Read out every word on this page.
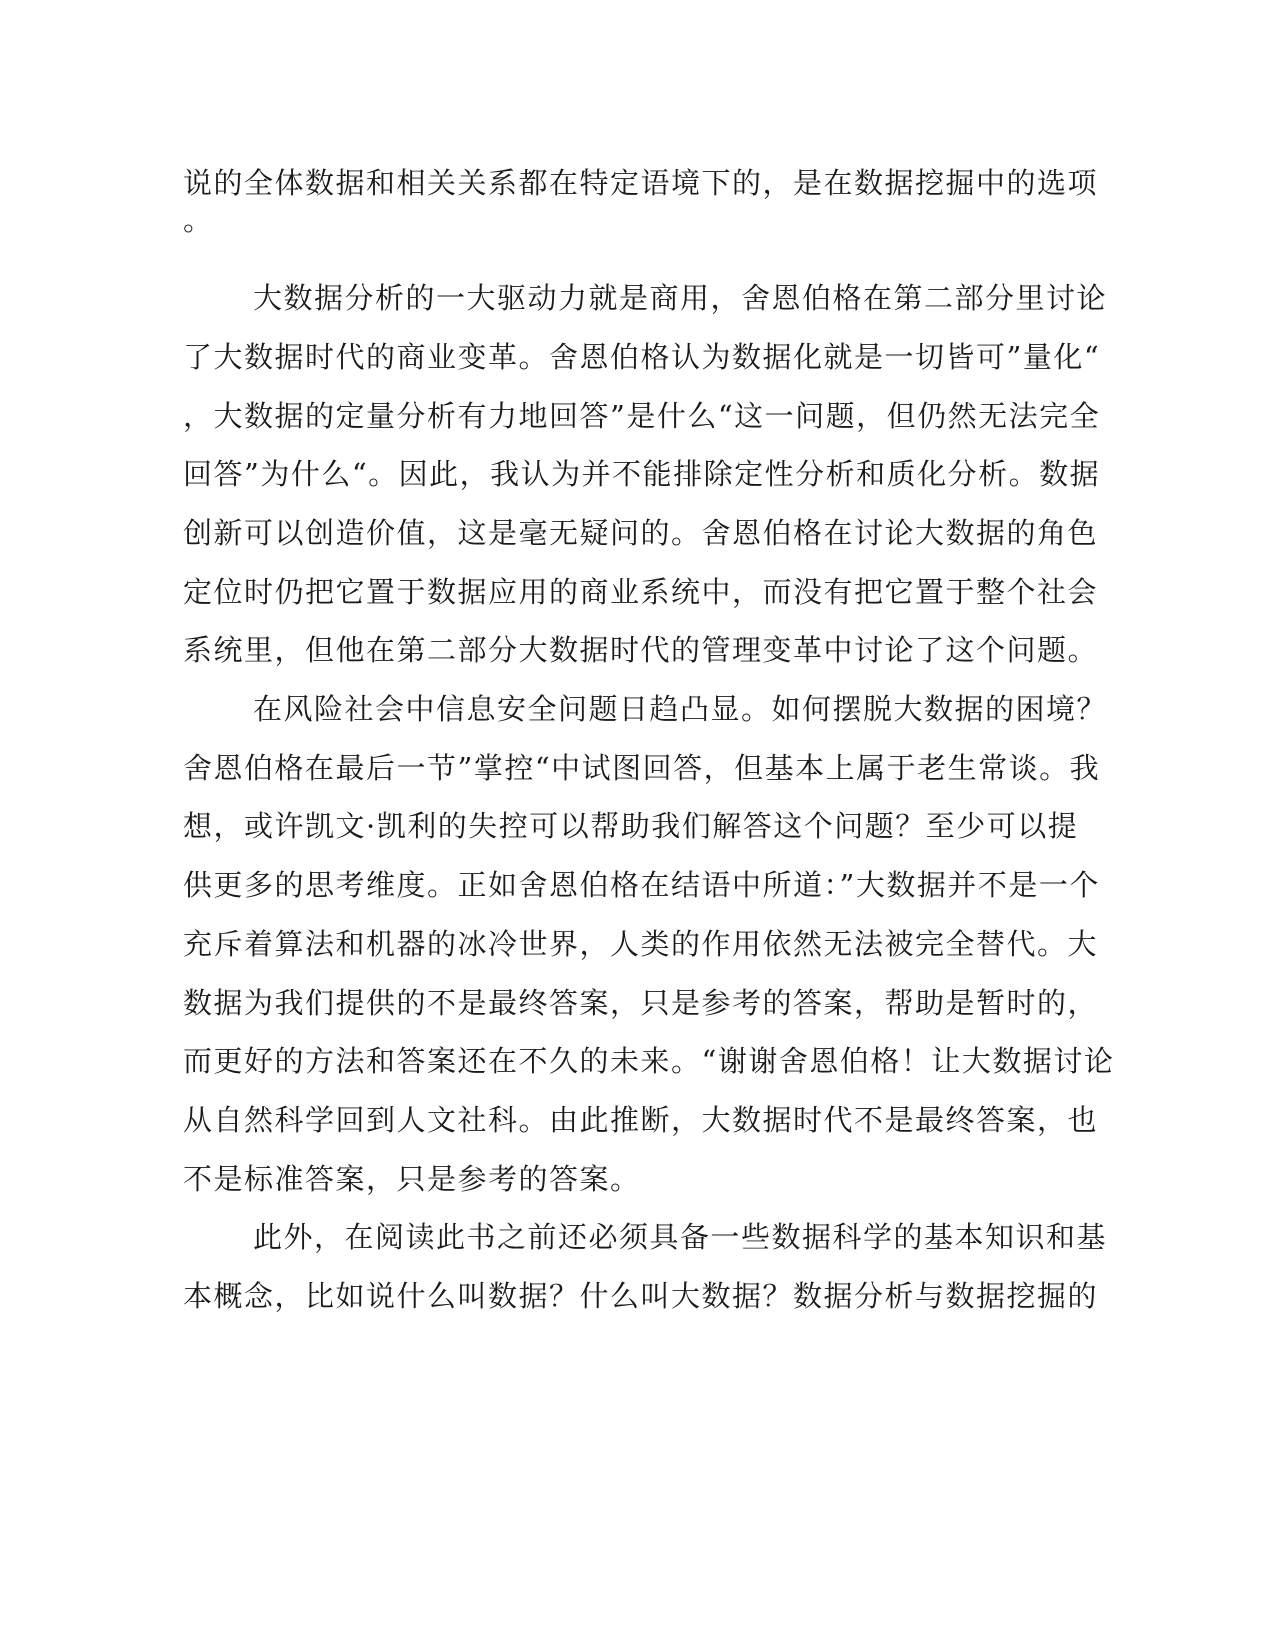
说的全体数据和相关关系都在特定语境下的，是在数据挖掘中的选项
。
大数据分析的一大驱动力就是商用，舍恩伯格在第二部分里讨论
了大数据时代的商业变革。舍恩伯格认为数据化就是一切皆可”量化“
，大数据的定量分析有力地回答”是什么“这一问题，但仍然无法完全
回答”为什么“。因此，我认为并不能排除定性分析和质化分析。数据
创新可以创造价值，这是毫无疑问的。舍恩伯格在讨论大数据的角色
定位时仍把它置于数据应用的商业系统中，而没有把它置于整个社会
系统里，但他在第二部分大数据时代的管理变革中讨论了这个问题。
在风险社会中信息安全问题日趋凸显。如何摆脱大数据的困境？
舍恩伯格在最后一节”掌控“中试图回答，但基本上属于老生常谈。我
想，或许凯文·凯利的失控可以帮助我们解答这个问题？至少可以提
供更多的思考维度。正如舍恩伯格在结语中所道：”大数据并不是一个
充斥着算法和机器的冰冷世界，人类的作用依然无法被完全替代。大
数据为我们提供的不是最终答案，只是参考的答案，帮助是暂时的，
而更好的方法和答案还在不久的未来。“谢谢舍恩伯格！让大数据讨论
从自然科学回到人文社科。由此推断，大数据时代不是最终答案，也
不是标准答案，只是参考的答案。
此外，在阅读此书之前还必须具备一些数据科学的基本知识和基
本概念，比如说什么叫数据？什么叫大数据？数据分析与数据挖掘的
